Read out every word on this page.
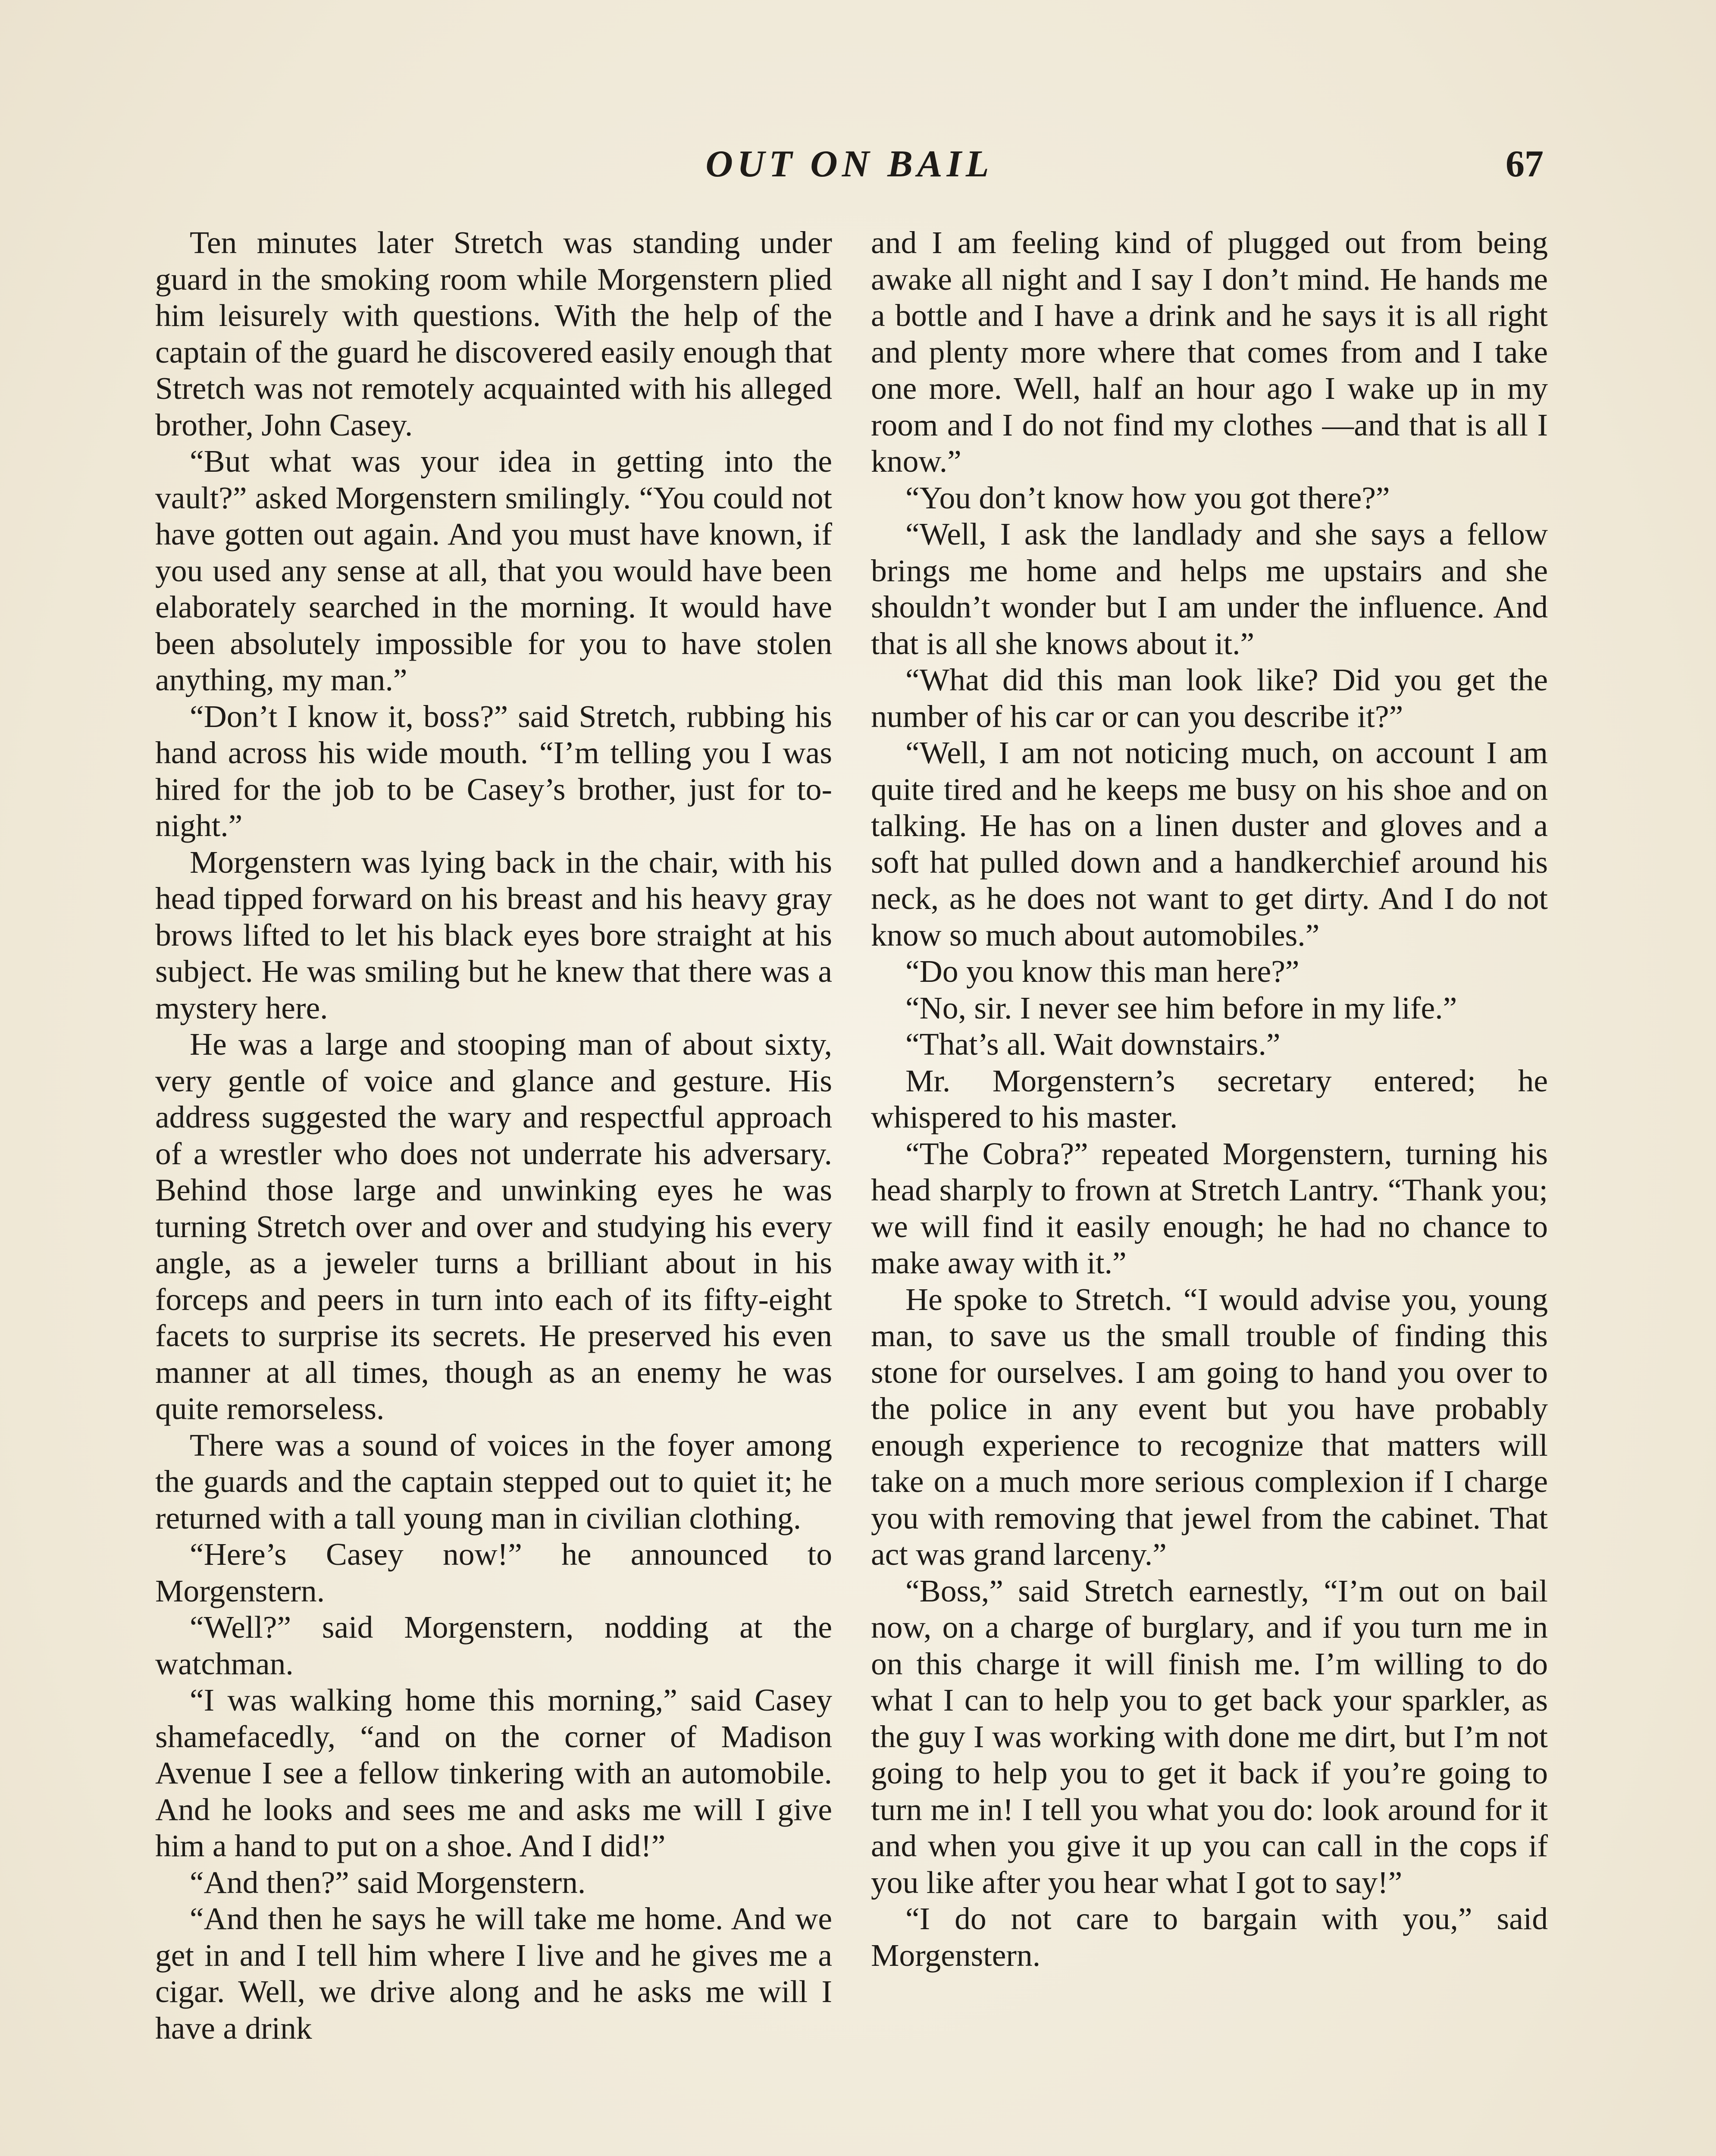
OUT ON BAIL	67

Ten minutes later Stretch was standing under guard in the smoking room while Morgenstern plied him leisurely with questions. With the help of the captain of the guard he discovered easily enough that Stretch was not remotely acquainted with his alleged brother, John Casey.

“But what was your idea in getting into the vault?” asked Morgenstern smilingly. “You could not have gotten out again. And you must have known, if you used any sense at all, that you would have been elaborately searched in the morning. It would have been absolutely impossible for you to have stolen anything, my man.”

“Don’t I know it, boss?” said Stretch, rubbing his hand across his wide mouth. “I’m telling you I was hired for the job to be Casey’s brother, just for to-night.”

Morgenstern was lying back in the chair, with his head tipped forward on his breast and his heavy gray brows lifted to let his black eyes bore straight at his subject. He was smiling but he knew that there was a mystery here.

He was a large and stooping man of about sixty, very gentle of voice and glance and gesture. His address suggested the wary and respectful approach of a wrestler who does not underrate his adversary. Behind those large and unwinking eyes he was turning Stretch over and over and studying his every angle, as a jeweler turns a brilliant about in his forceps and peers in turn into each of its fifty-eight facets to surprise its secrets. He preserved his even manner at all times, though as an enemy he was quite remorseless.

There was a sound of voices in the foyer among the guards and the captain stepped out to quiet it; he returned with a tall young man in civilian clothing.

“Here’s Casey now!” he announced to Morgenstern.

“Well?” said Morgenstern, nodding at the watchman.

“I was walking home this morning,” said Casey shamefacedly, “and on the corner of Madison Avenue I see a fellow tinkering with an automobile. And he looks and sees me and asks me will I give him a hand to put on a shoe. And I did!”

“And then?” said Morgenstern.

“And then he says he will take me home. And we get in and I tell him where I live and he gives me a cigar. Well, we drive along and he asks me will I have a drink

and I am feeling kind of plugged out from being awake all night and I say I don’t mind. He hands me a bottle and I have a drink and he says it is all right and plenty more where that comes from and I take one more. Well, half an hour ago I wake up in my room and I do not find my clothes —and that is all I know.”

“You don’t know how you got there?”

“Well, I ask the landlady and she says a fellow brings me home and helps me upstairs and she shouldn’t wonder but I am under the influence. And that is all she knows about it.”

“What did this man look like? Did you get the number of his car or can you describe it?”

“Well, I am not noticing much, on account I am quite tired and he keeps me busy on his shoe and on talking. He has on a linen duster and gloves and a soft hat pulled down and a handkerchief around his neck, as he does not want to get dirty. And I do not know so much about automobiles.”

“Do you know this man here?”

“No, sir. I never see him before in my life.”

“That’s all. Wait downstairs.”

Mr. Morgenstern’s secretary entered; he whispered to his master.

“The Cobra?” repeated Morgenstern, turning his head sharply to frown at Stretch Lantry. “Thank you; we will find it easily enough; he had no chance to make away with it.”

He spoke to Stretch. “I would advise you, young man, to save us the small trouble of finding this stone for ourselves. I am going to hand you over to the police in any event but you have probably enough experience to recognize that matters will take on a much more serious complexion if I charge you with removing that jewel from the cabinet. That act was grand larceny.”

“Boss,” said Stretch earnestly, “I’m out on bail now, on a charge of burglary, and if you turn me in on this charge it will finish me. I’m willing to do what I can to help you to get back your sparkler, as the guy I was working with done me dirt, but I’m not going to help you to get it back if you’re going to turn me in! I tell you what you do: look around for it and when you give it up you can call in the cops if you like after you hear what I got to say!”

“I do not care to bargain with you,” said Morgenstern.
